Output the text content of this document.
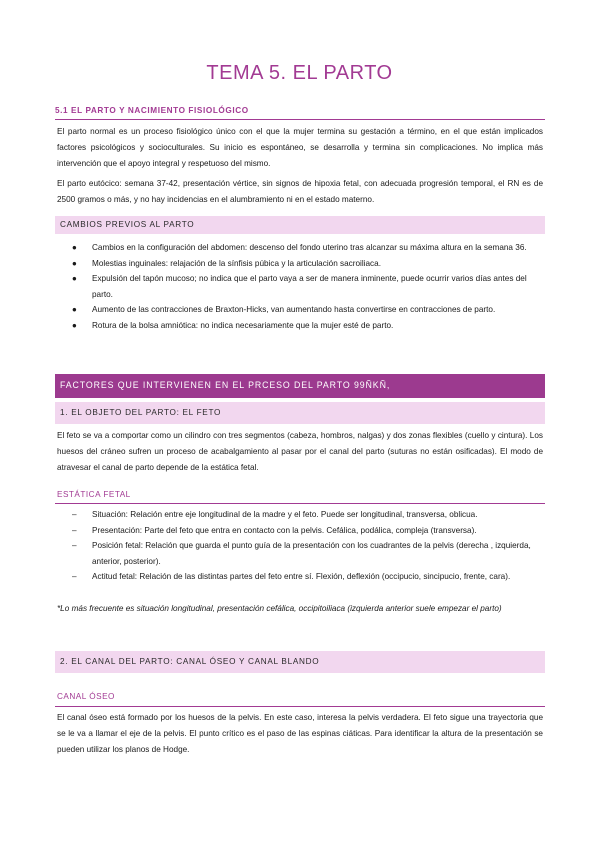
TEMA 5. EL PARTO
5.1 EL PARTO Y NACIMIENTO FISIOLÓGICO
El parto normal es un proceso fisiológico único con el que la mujer termina su gestación a término, en el que están implicados factores psicológicos y socioculturales. Su inicio es espontáneo, se desarrolla y termina sin complicaciones. No implica más intervención que el apoyo integral y respetuoso del mismo.
El parto eutócico: semana 37-42, presentación vértice, sin signos de hipoxia fetal, con adecuada progresión temporal, el RN es de 2500 gramos o más, y no hay incidencias en el alumbramiento ni en el estado materno.
CAMBIOS PREVIOS AL PARTO
● Cambios en la configuración del abdomen: descenso del fondo uterino tras alcanzar su máxima altura en la semana 36.
● Molestias inguinales: relajación de la sínfisis púbica y la articulación sacroiliaca.
● Expulsión del tapón mucoso; no indica que el parto vaya a ser de manera inminente, puede ocurrir varios días antes del parto.
● Aumento de las contracciones de Braxton-Hicks, van aumentando hasta convertirse en contracciones de parto.
● Rotura de la bolsa amniótica: no indica necesariamente que la mujer esté de parto.
FACTORES QUE INTERVIENEN EN EL PRCESO DEL PARTO 99ÑKÑ,
1. EL OBJETO DEL PARTO: EL FETO
El feto se va a comportar como un cilindro con tres segmentos (cabeza, hombros, nalgas) y dos zonas flexibles (cuello y cintura). Los huesos del cráneo sufren un proceso de acabalgamiento al pasar por el canal del parto (suturas no están osificadas). El modo de atravesar el canal de parto depende de la estática fetal.
ESTÁTICA FETAL
– Situación: Relación entre eje longitudinal de la madre y el feto. Puede ser longitudinal, transversa, oblicua.
– Presentación: Parte del feto que entra en contacto con la pelvis. Cefálica, podálica, compleja (transversa).
– Posición fetal: Relación que guarda el punto guía de la presentación con los cuadrantes de la pelvis (derecha , izquierda, anterior, posterior).
– Actitud fetal: Relación de las distintas partes del feto entre sí. Flexión, deflexión (occipucio, sincipucio, frente, cara).
*Lo más frecuente es situación longitudinal, presentación cefálica, occipitoiliaca (izquierda anterior suele empezar el parto)
2. EL CANAL DEL PARTO: CANAL ÓSEO Y CANAL BLANDO
CANAL ÓSEO
El canal óseo está formado por los huesos de la pelvis. En este caso, interesa la pelvis verdadera. El feto sigue una trayectoria que se le va a llamar el eje de la pelvis. El punto crítico es el paso de las espinas ciáticas. Para identificar la altura de la presentación se pueden utilizar los planos de Hodge.
